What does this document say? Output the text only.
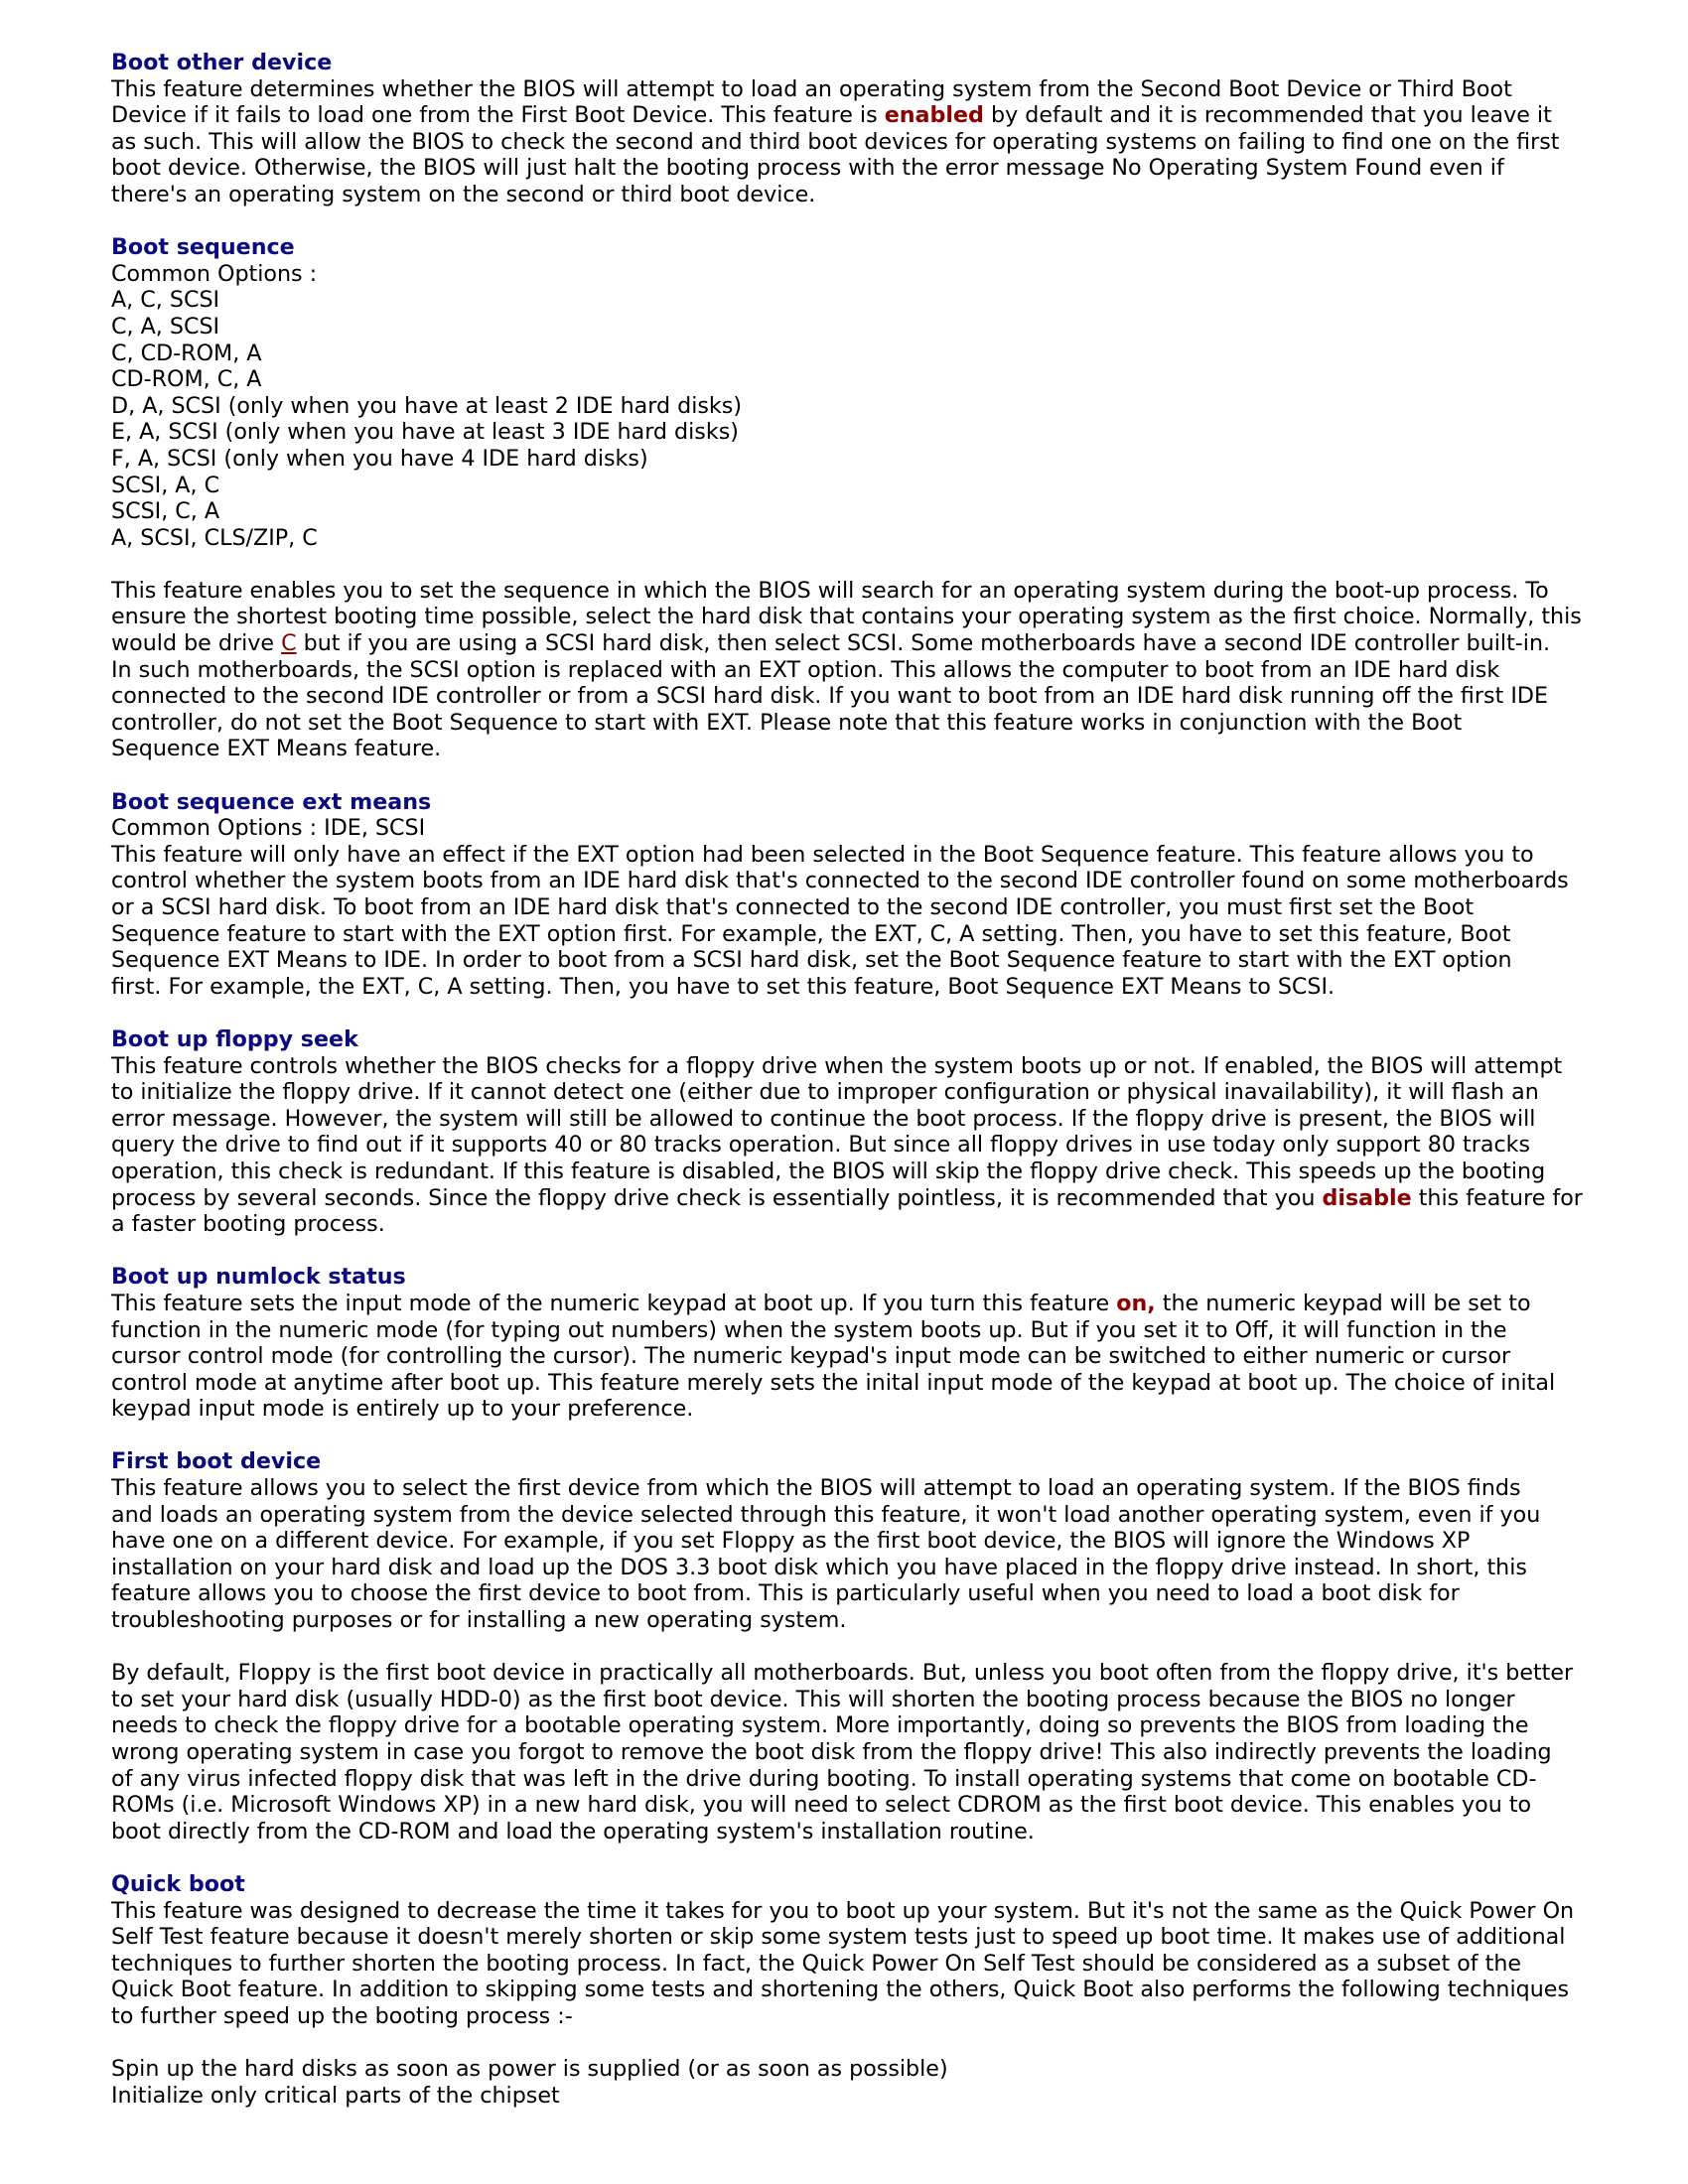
Boot other device
This feature determines whether the BIOS will attempt to load an operating system from the Second Boot Device or Third Boot
Device if it fails to load one from the First Boot Device. This feature is enabled by default and it is recommended that you leave it
as such. This will allow the BIOS to check the second and third boot devices for operating systems on failing to find one on the first
boot device. Otherwise, the BIOS will just halt the booting process with the error message No Operating System Found even if
there's an operating system on the second or third boot device.
Boot sequence
Common Options :
A, C, SCSI
C, A, SCSI
C, CD-ROM, A
CD-ROM, C, A
D, A, SCSI (only when you have at least 2 IDE hard disks)
E, A, SCSI (only when you have at least 3 IDE hard disks)
F, A, SCSI (only when you have 4 IDE hard disks)
SCSI, A, C
SCSI, C, A
A, SCSI, CLS/ZIP, C
This feature enables you to set the sequence in which the BIOS will search for an operating system during the boot-up process. To
ensure the shortest booting time possible, select the hard disk that contains your operating system as the first choice. Normally, this
would be drive C but if you are using a SCSI hard disk, then select SCSI. Some motherboards have a second IDE controller built-in.
In such motherboards, the SCSI option is replaced with an EXT option. This allows the computer to boot from an IDE hard disk
connected to the second IDE controller or from a SCSI hard disk. If you want to boot from an IDE hard disk running off the first IDE
controller, do not set the Boot Sequence to start with EXT. Please note that this feature works in conjunction with the Boot
Sequence EXT Means feature.
Boot sequence ext means
Common Options : IDE, SCSI
This feature will only have an effect if the EXT option had been selected in the Boot Sequence feature. This feature allows you to
control whether the system boots from an IDE hard disk that's connected to the second IDE controller found on some motherboards
or a SCSI hard disk. To boot from an IDE hard disk that's connected to the second IDE controller, you must first set the Boot
Sequence feature to start with the EXT option first. For example, the EXT, C, A setting. Then, you have to set this feature, Boot
Sequence EXT Means to IDE. In order to boot from a SCSI hard disk, set the Boot Sequence feature to start with the EXT option
first. For example, the EXT, C, A setting. Then, you have to set this feature, Boot Sequence EXT Means to SCSI.
Boot up floppy seek
This feature controls whether the BIOS checks for a floppy drive when the system boots up or not. If enabled, the BIOS will attempt
to initialize the floppy drive. If it cannot detect one (either due to improper configuration or physical inavailability), it will flash an
error message. However, the system will still be allowed to continue the boot process. If the floppy drive is present, the BIOS will
query the drive to find out if it supports 40 or 80 tracks operation. But since all floppy drives in use today only support 80 tracks
operation, this check is redundant. If this feature is disabled, the BIOS will skip the floppy drive check. This speeds up the booting
process by several seconds. Since the floppy drive check is essentially pointless, it is recommended that you disable this feature for
a faster booting process.
Boot up numlock status
This feature sets the input mode of the numeric keypad at boot up. If you turn this feature on, the numeric keypad will be set to
function in the numeric mode (for typing out numbers) when the system boots up. But if you set it to Off, it will function in the
cursor control mode (for controlling the cursor). The numeric keypad's input mode can be switched to either numeric or cursor
control mode at anytime after boot up. This feature merely sets the inital input mode of the keypad at boot up. The choice of inital
keypad input mode is entirely up to your preference.
First boot device
This feature allows you to select the first device from which the BIOS will attempt to load an operating system. If the BIOS finds
and loads an operating system from the device selected through this feature, it won't load another operating system, even if you
have one on a different device. For example, if you set Floppy as the first boot device, the BIOS will ignore the Windows XP
installation on your hard disk and load up the DOS 3.3 boot disk which you have placed in the floppy drive instead. In short, this
feature allows you to choose the first device to boot from. This is particularly useful when you need to load a boot disk for
troubleshooting purposes or for installing a new operating system.
By default, Floppy is the first boot device in practically all motherboards. But, unless you boot often from the floppy drive, it's better
to set your hard disk (usually HDD-0) as the first boot device. This will shorten the booting process because the BIOS no longer
needs to check the floppy drive for a bootable operating system. More importantly, doing so prevents the BIOS from loading the
wrong operating system in case you forgot to remove the boot disk from the floppy drive! This also indirectly prevents the loading
of any virus infected floppy disk that was left in the drive during booting. To install operating systems that come on bootable CD-
ROMs (i.e. Microsoft Windows XP) in a new hard disk, you will need to select CDROM as the first boot device. This enables you to
boot directly from the CD-ROM and load the operating system's installation routine.
Quick boot
This feature was designed to decrease the time it takes for you to boot up your system. But it's not the same as the Quick Power On
Self Test feature because it doesn't merely shorten or skip some system tests just to speed up boot time. It makes use of additional
techniques to further shorten the booting process. In fact, the Quick Power On Self Test should be considered as a subset of the
Quick Boot feature. In addition to skipping some tests and shortening the others, Quick Boot also performs the following techniques
to further speed up the booting process :-
Spin up the hard disks as soon as power is supplied (or as soon as possible)
Initialize only critical parts of the chipset
